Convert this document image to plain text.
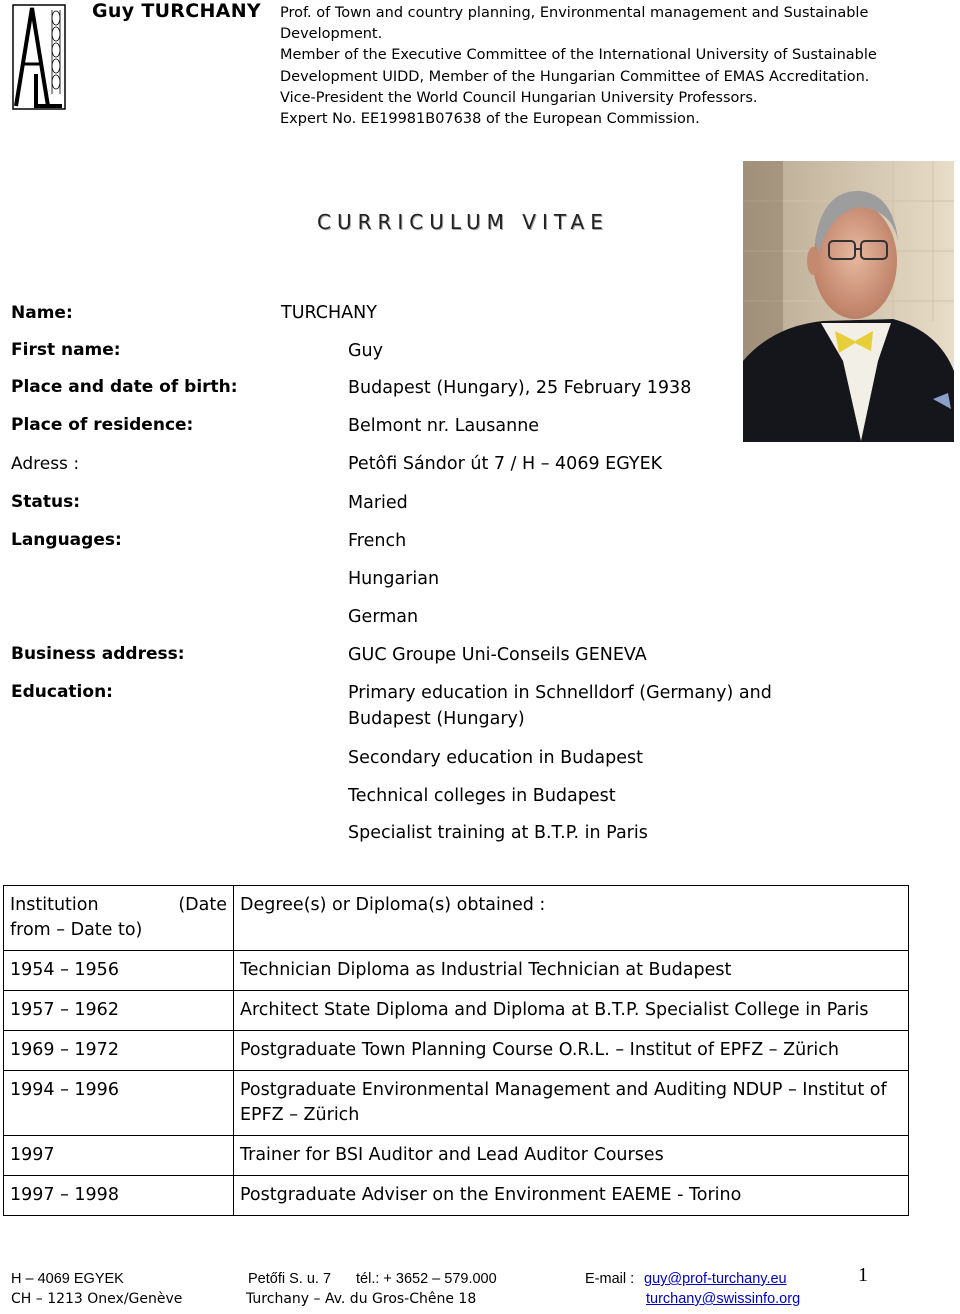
Guy TURCHANY Prof. of Town and country planning, Environmental management and Sustainable Development.
Member of the Executive Committee of the International University of Sustainable Development UIDD, Member of the Hungarian Committee of EMAS Accreditation.
Vice-President the World Council Hungarian University Professors.
Expert No. EE19981B07638 of the European Commission.
CURRICULUM VITAE
Name:	TURCHANY
First name:	Guy
Place and date of birth:	Budapest (Hungary), 25 February 1938
Place of residence:	Belmont nr. Lausanne
Adress :	Petôfi Sándor út 7 / H – 4069 EGYEK
Status:	Maried
Languages:	French
Hungarian
German
Business address:	GUC Groupe Uni-Conseils GENEVA
Education:	Primary education in Schnelldorf (Germany) and Budapest (Hungary)
Secondary education in Budapest
Technical colleges in Budapest
Specialist training at B.T.P. in Paris
Institution (Date
from – Date to)	Degree(s) or Diploma(s) obtained :
1954 – 1956	Technician Diploma as Industrial Technician at Budapest
1957 – 1962	Architect State Diploma and Diploma at B.T.P. Specialist College in Paris
1969 – 1972	Postgraduate Town Planning Course O.R.L. – Institut of EPFZ – Zürich
1994 – 1996	Postgraduate Environmental Management and Auditing NDUP – Institut of EPFZ – Zürich
1997	Trainer for BSI Auditor and Lead Auditor Courses
1997 – 1998	Postgraduate Adviser on the Environment EAEME - Torino
H – 4069 EGYEK	Petőfi S. u. 7 tél.: + 3652 – 579.000	E-mail : guy@prof-turchany.eu
CH – 1213 Onex/Genève	Turchany – Av. du Gros-Chêne 18	turchany@swissinfo.org
1
